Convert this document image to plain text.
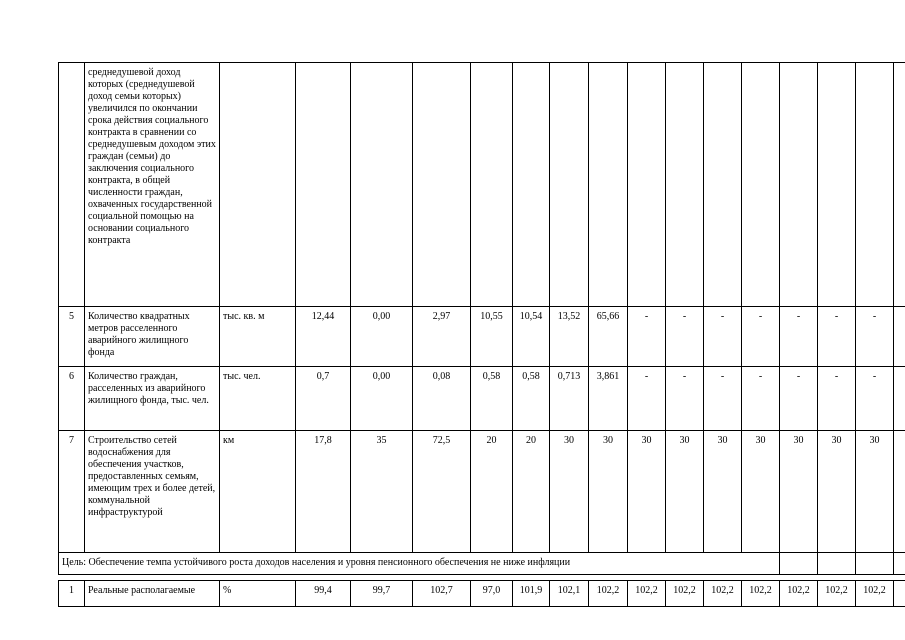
	среднедушевой доход которых (среднедушевой доход семьи которых) увеличился по окончании срока действия социального контракта в сравнении со среднедушевым доходом этих граждан (семьи) до заключения социального контракта, в общей численности граждан, охваченных государственной социальной помощью на основании социального контракта																
5	Количество квадратных метров расселенного аварийного жилищного фонда	тыс. кв. м	12,44	0,00	2,97	10,55	10,54	13,52	65,66	-	-	-	-	-	-	-	
6	Количество граждан, расселенных из аварийного жилищного фонда, тыс. чел.	тыс. чел.	0,7	0,00	0,08	0,58	0,58	0,713	3,861	-	-	-	-	-	-	-	
7	Строительство сетей водоснабжения для обеспечения участков, предоставленных семьям, имеющим трех и более детей, коммунальной инфраструктурой	км	17,8	35	72,5	20	20	30	30	30	30	30	30	30	30	30	
Цель: Обеспечение темпа устойчивого роста доходов населения и уровня пенсионного обеспечения не ниже инфляции																	

1	Реальные располагаемые	%	99,4	99,7	102,7	97,0	101,9	102,1	102,2	102,2	102,2	102,2	102,2	102,2	102,2	102,2	
